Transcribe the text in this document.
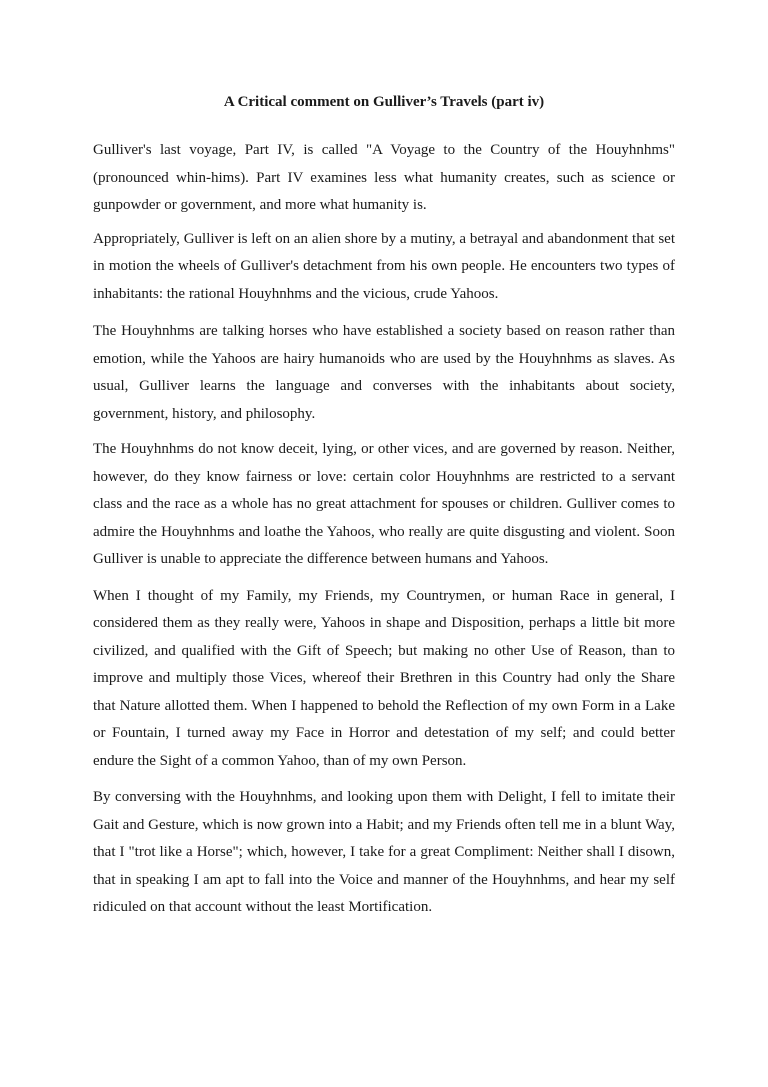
A Critical comment on Gulliver’s Travels (part iv)

Gulliver's last voyage, Part IV, is called "A Voyage to the Country of the Houyhnhms" (pronounced whin-hims). Part IV examines less what humanity creates, such as science or gunpowder or government, and more what humanity is.

Appropriately, Gulliver is left on an alien shore by a mutiny, a betrayal and abandonment that set in motion the wheels of Gulliver's detachment from his own people. He encounters two types of inhabitants: the rational Houyhnhms and the vicious, crude Yahoos.

The Houyhnhms are talking horses who have established a society based on reason rather than emotion, while the Yahoos are hairy humanoids who are used by the Houyhnhms as slaves. As usual, Gulliver learns the language and converses with the inhabitants about society, government, history, and philosophy.

The Houyhnhms do not know deceit, lying, or other vices, and are governed by reason. Neither, however, do they know fairness or love: certain color Houyhnhms are restricted to a servant class and the race as a whole has no great attachment for spouses or children. Gulliver comes to admire the Houyhnhms and loathe the Yahoos, who really are quite disgusting and violent. Soon Gulliver is unable to appreciate the difference between humans and Yahoos.

When I thought of my Family, my Friends, my Countrymen, or human Race in general, I considered them as they really were, Yahoos in shape and Disposition, perhaps a little bit more civilized, and qualified with the Gift of Speech; but making no other Use of Reason, than to improve and multiply those Vices, whereof their Brethren in this Country had only the Share that Nature allotted them. When I happened to behold the Reflection of my own Form in a Lake or Fountain, I turned away my Face in Horror and detestation of my self; and could better endure the Sight of a common Yahoo, than of my own Person.

By conversing with the Houyhnhms, and looking upon them with Delight, I fell to imitate their Gait and Gesture, which is now grown into a Habit; and my Friends often tell me in a blunt Way, that I "trot like a Horse"; which, however, I take for a great Compliment: Neither shall I disown, that in speaking I am apt to fall into the Voice and manner of the Houyhnhms, and hear my self ridiculed on that account without the least Mortification.
